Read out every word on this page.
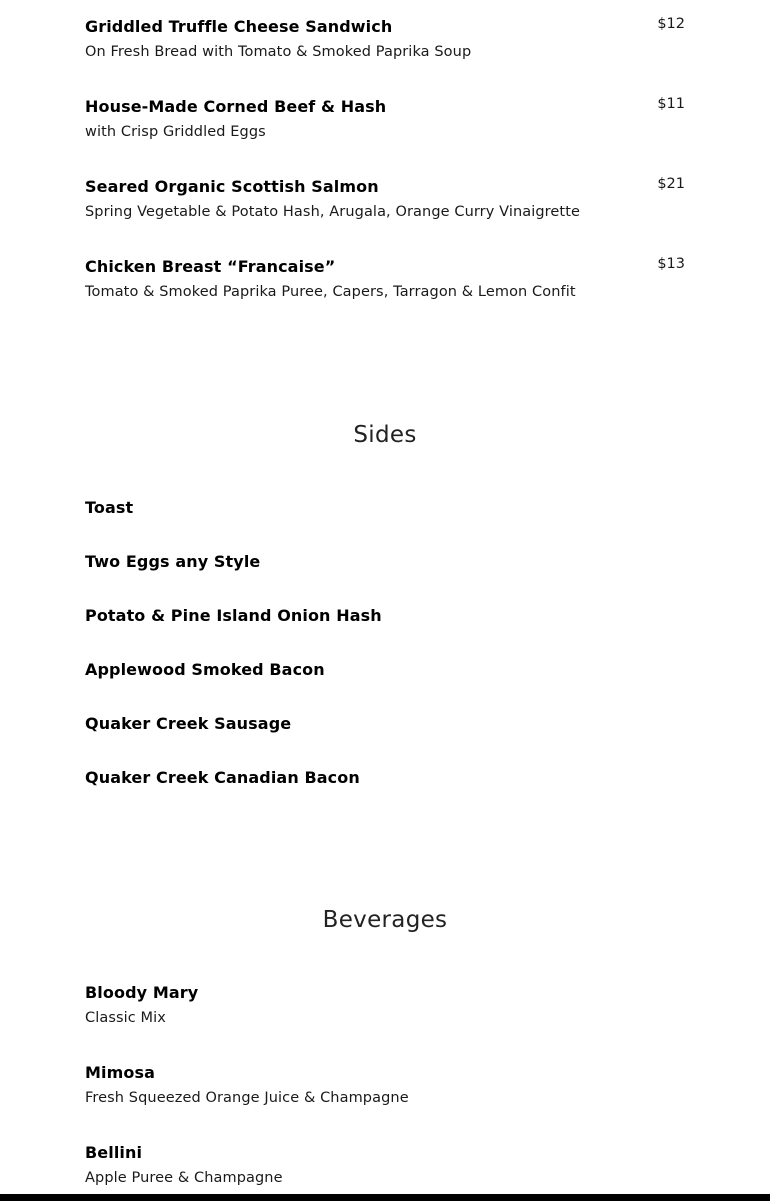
Griddled Truffle Cheese Sandwich
On Fresh Bread with Tomato & Smoked Paprika Soup
$12
House-Made Corned Beef & Hash
with Crisp Griddled Eggs
$11
Seared Organic Scottish Salmon
Spring Vegetable & Potato Hash, Arugala, Orange Curry Vinaigrette
$21
Chicken Breast “Francaise”
Tomato & Smoked Paprika Puree, Capers, Tarragon & Lemon Confit
$13
Sides
Toast
Two Eggs any Style
Potato & Pine Island Onion Hash
Applewood Smoked Bacon
Quaker Creek Sausage
Quaker Creek Canadian Bacon
Beverages
Bloody Mary
Classic Mix
Mimosa
Fresh Squeezed Orange Juice & Champagne
Bellini
Apple Puree & Champagne
